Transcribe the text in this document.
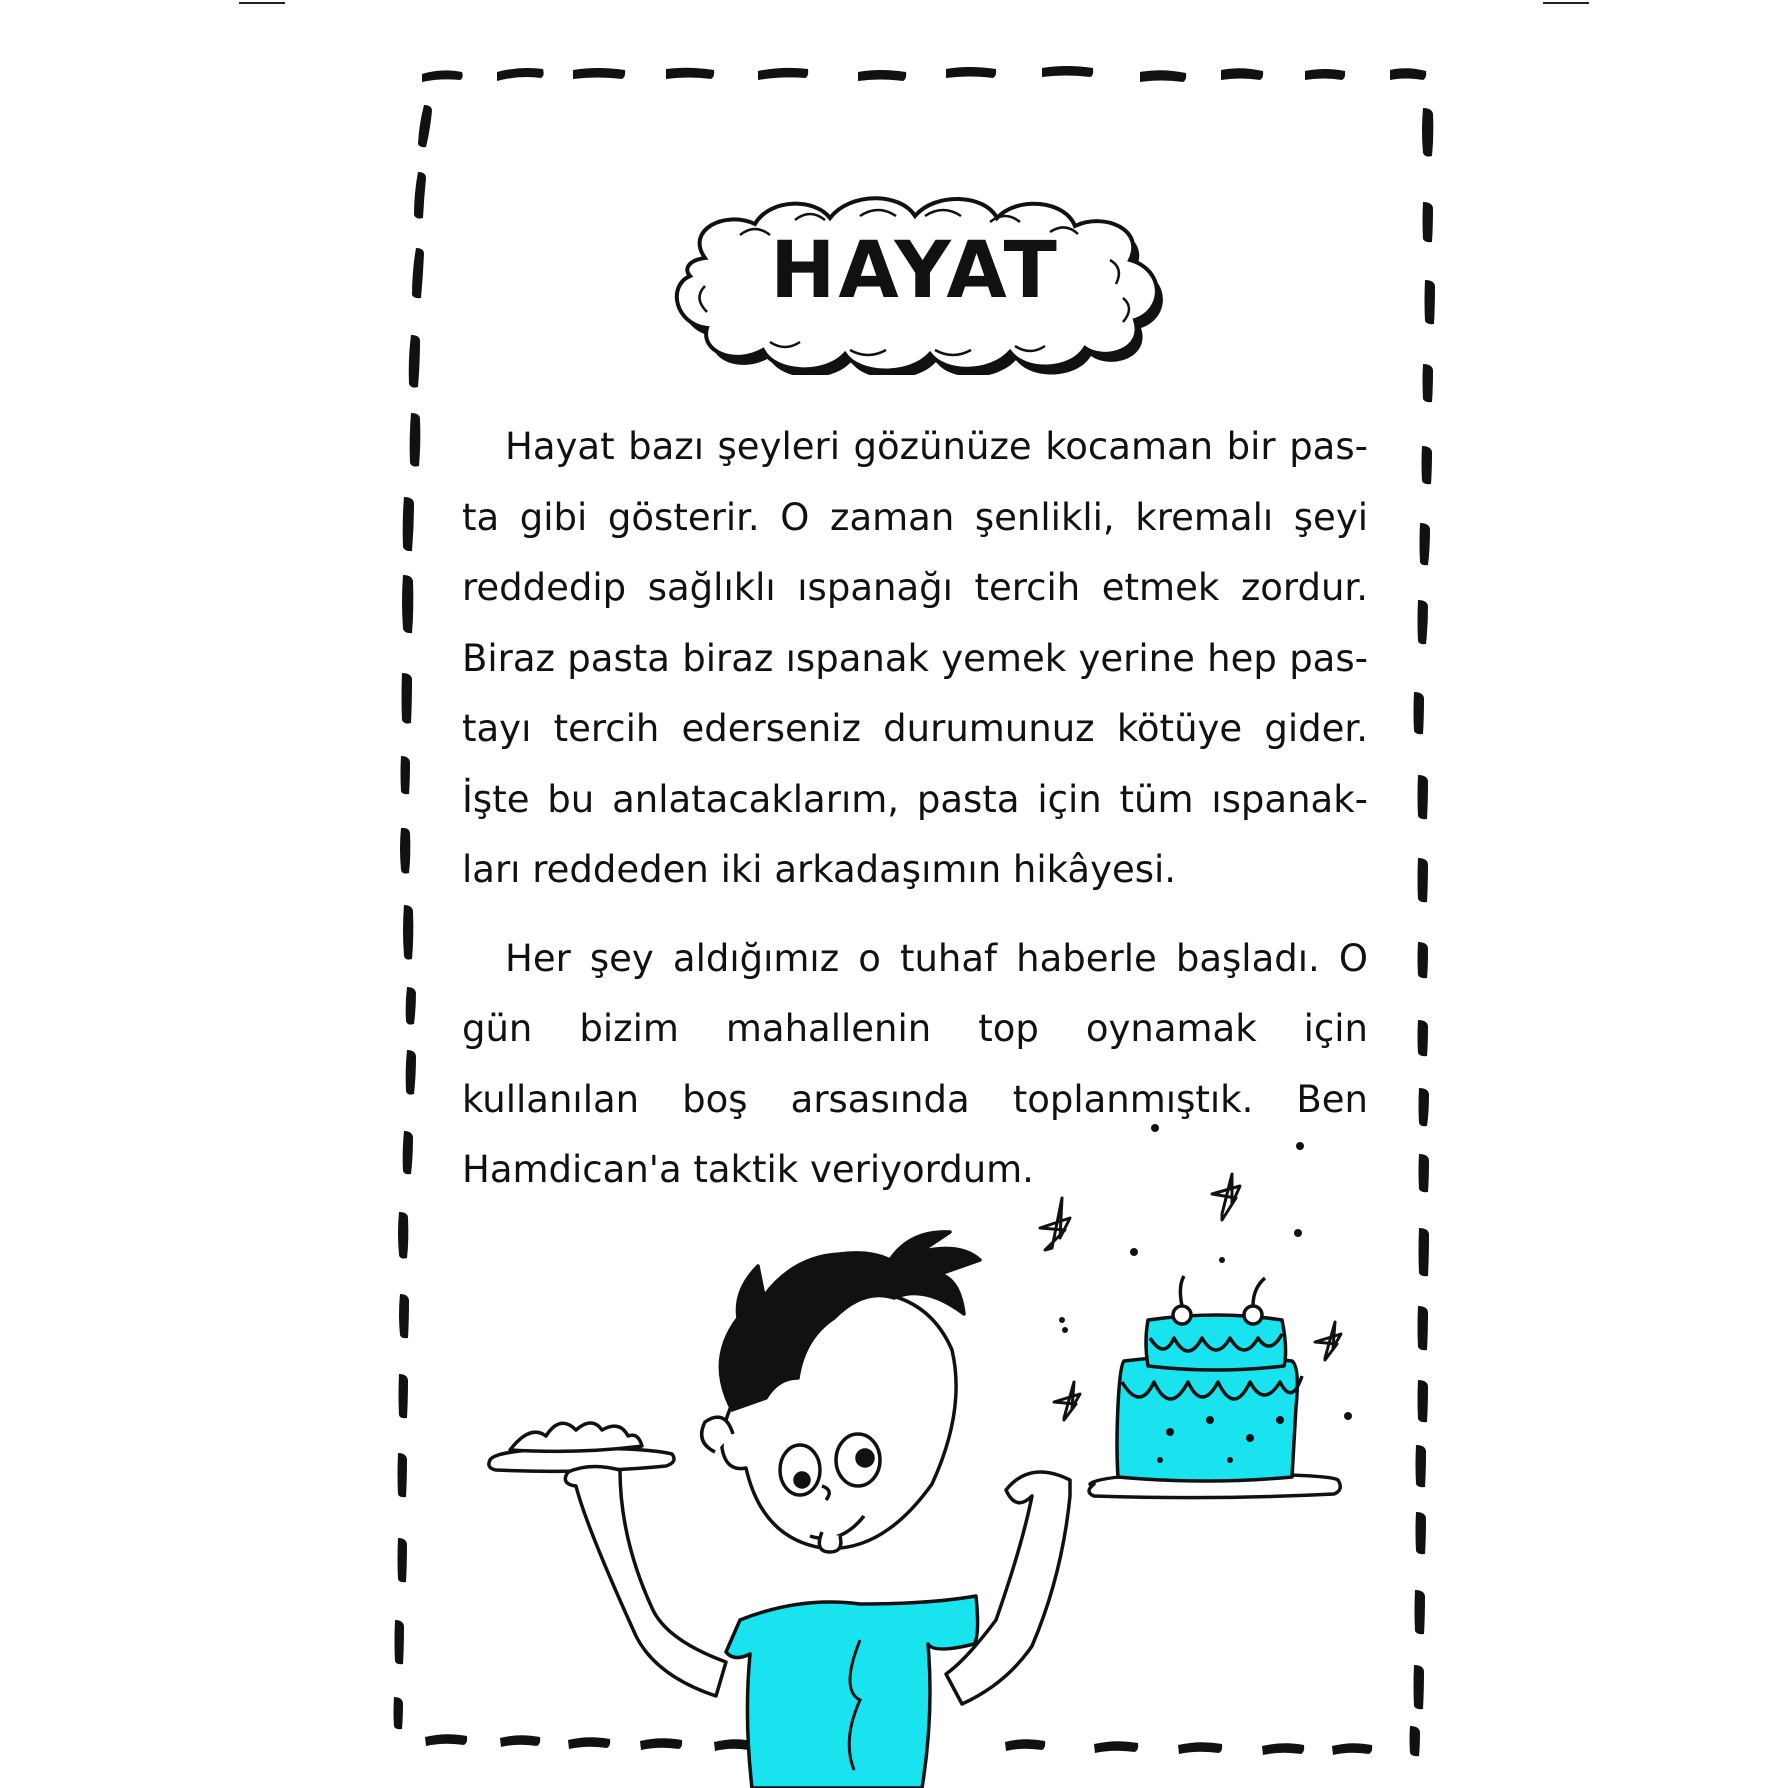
HAYAT

Hayat bazı şeyleri gözünüze kocaman bir pasta gibi gösterir. O zaman şenlikli, kremalı şeyi reddedip sağlıklı ıspanağı tercih etmek zordur. Biraz pasta biraz ıspanak yemek yerine hep pastayı tercih ederseniz durumunuz kötüye gider. İşte bu anlatacaklarım, pasta için tüm ıspanakları reddeden iki arkadaşımın hikâyesi.

Her şey aldığımız o tuhaf haberle başladı. O gün bizim mahallenin top oynamak için kullanılan boş arsasında toplanmıştık. Ben Hamdican'a taktik veriyordum.
